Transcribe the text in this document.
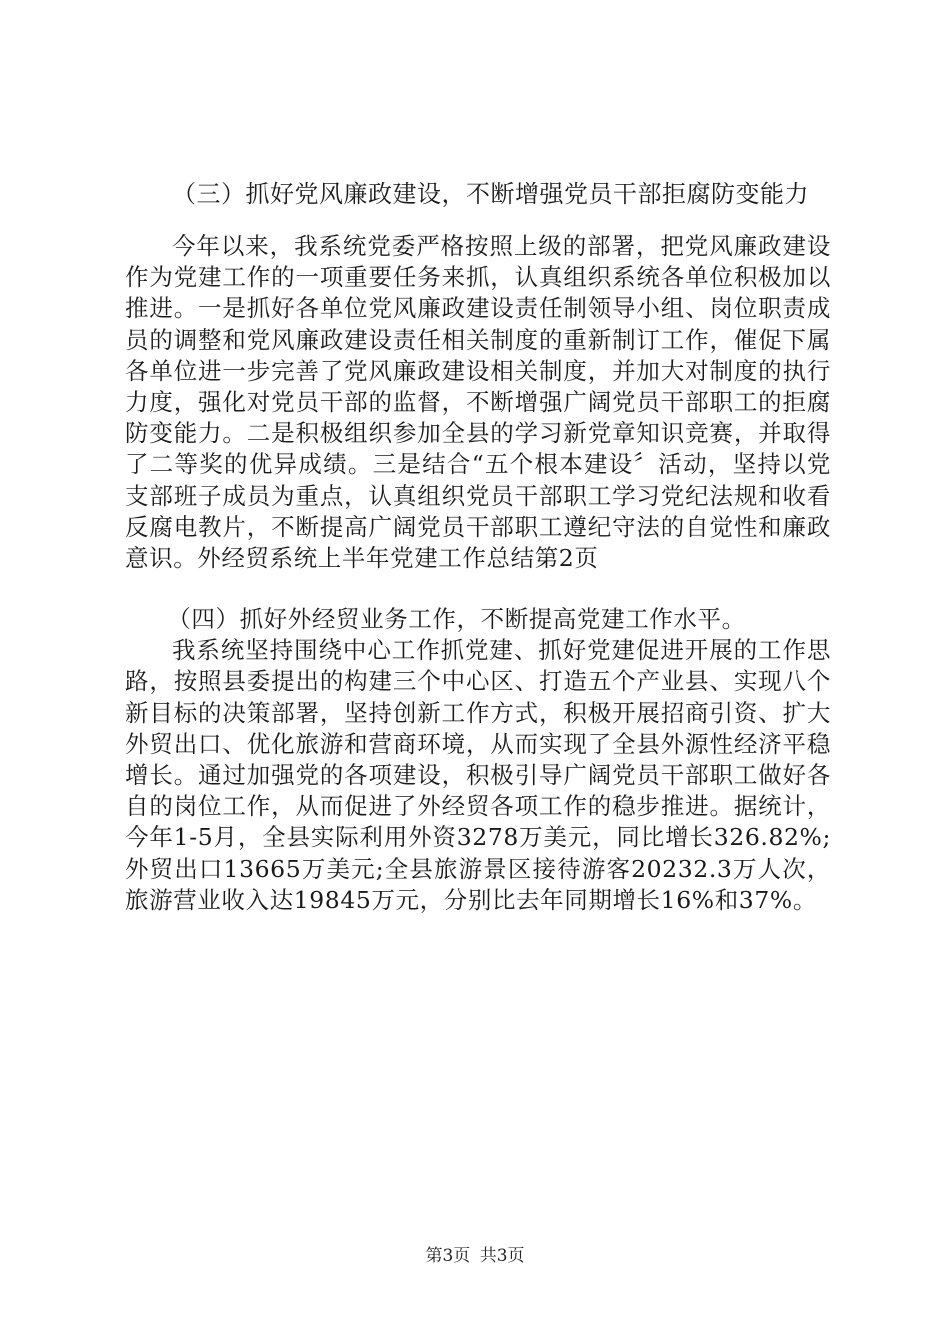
（三）抓好党风廉政建设，不断增强党员干部拒腐防变能力

今年以来，我系统党委严格按照上级的部署，把党风廉政建设作为党建工作的一项重要任务来抓，认真组织系统各单位积极加以推进。一是抓好各单位党风廉政建设责任制领导小组、岗位职责成员的调整和党风廉政建设责任相关制度的重新制订工作，催促下属各单位进一步完善了党风廉政建设相关制度，并加大对制度的执行力度，强化对党员干部的监督，不断增强广阔党员干部职工的拒腐防变能力。二是积极组织参加全县的学习新党章知识竞赛，并取得了二等奖的优异成绩。三是结合“五个根本建设〞活动，坚持以党支部班子成员为重点，认真组织党员干部职工学习党纪法规和收看反腐电教片，不断提高广阔党员干部职工遵纪守法的自觉性和廉政意识。外经贸系统上半年党建工作总结第2页

（四）抓好外经贸业务工作，不断提高党建工作水平。

我系统坚持围绕中心工作抓党建、抓好党建促进开展的工作思路，按照县委提出的构建三个中心区、打造五个产业县、实现八个新目标的决策部署，坚持创新工作方式，积极开展招商引资、扩大外贸出口、优化旅游和营商环境，从而实现了全县外源性经济平稳增长。通过加强党的各项建设，积极引导广阔党员干部职工做好各自的岗位工作，从而促进了外经贸各项工作的稳步推进。据统计，今年1-5月，全县实际利用外资3278万美元，同比增长326.82%;外贸出口13665万美元;全县旅游景区接待游客20232.3万人次，旅游营业收入达19845万元，分别比去年同期增长16%和37%。

第3页 共3页
